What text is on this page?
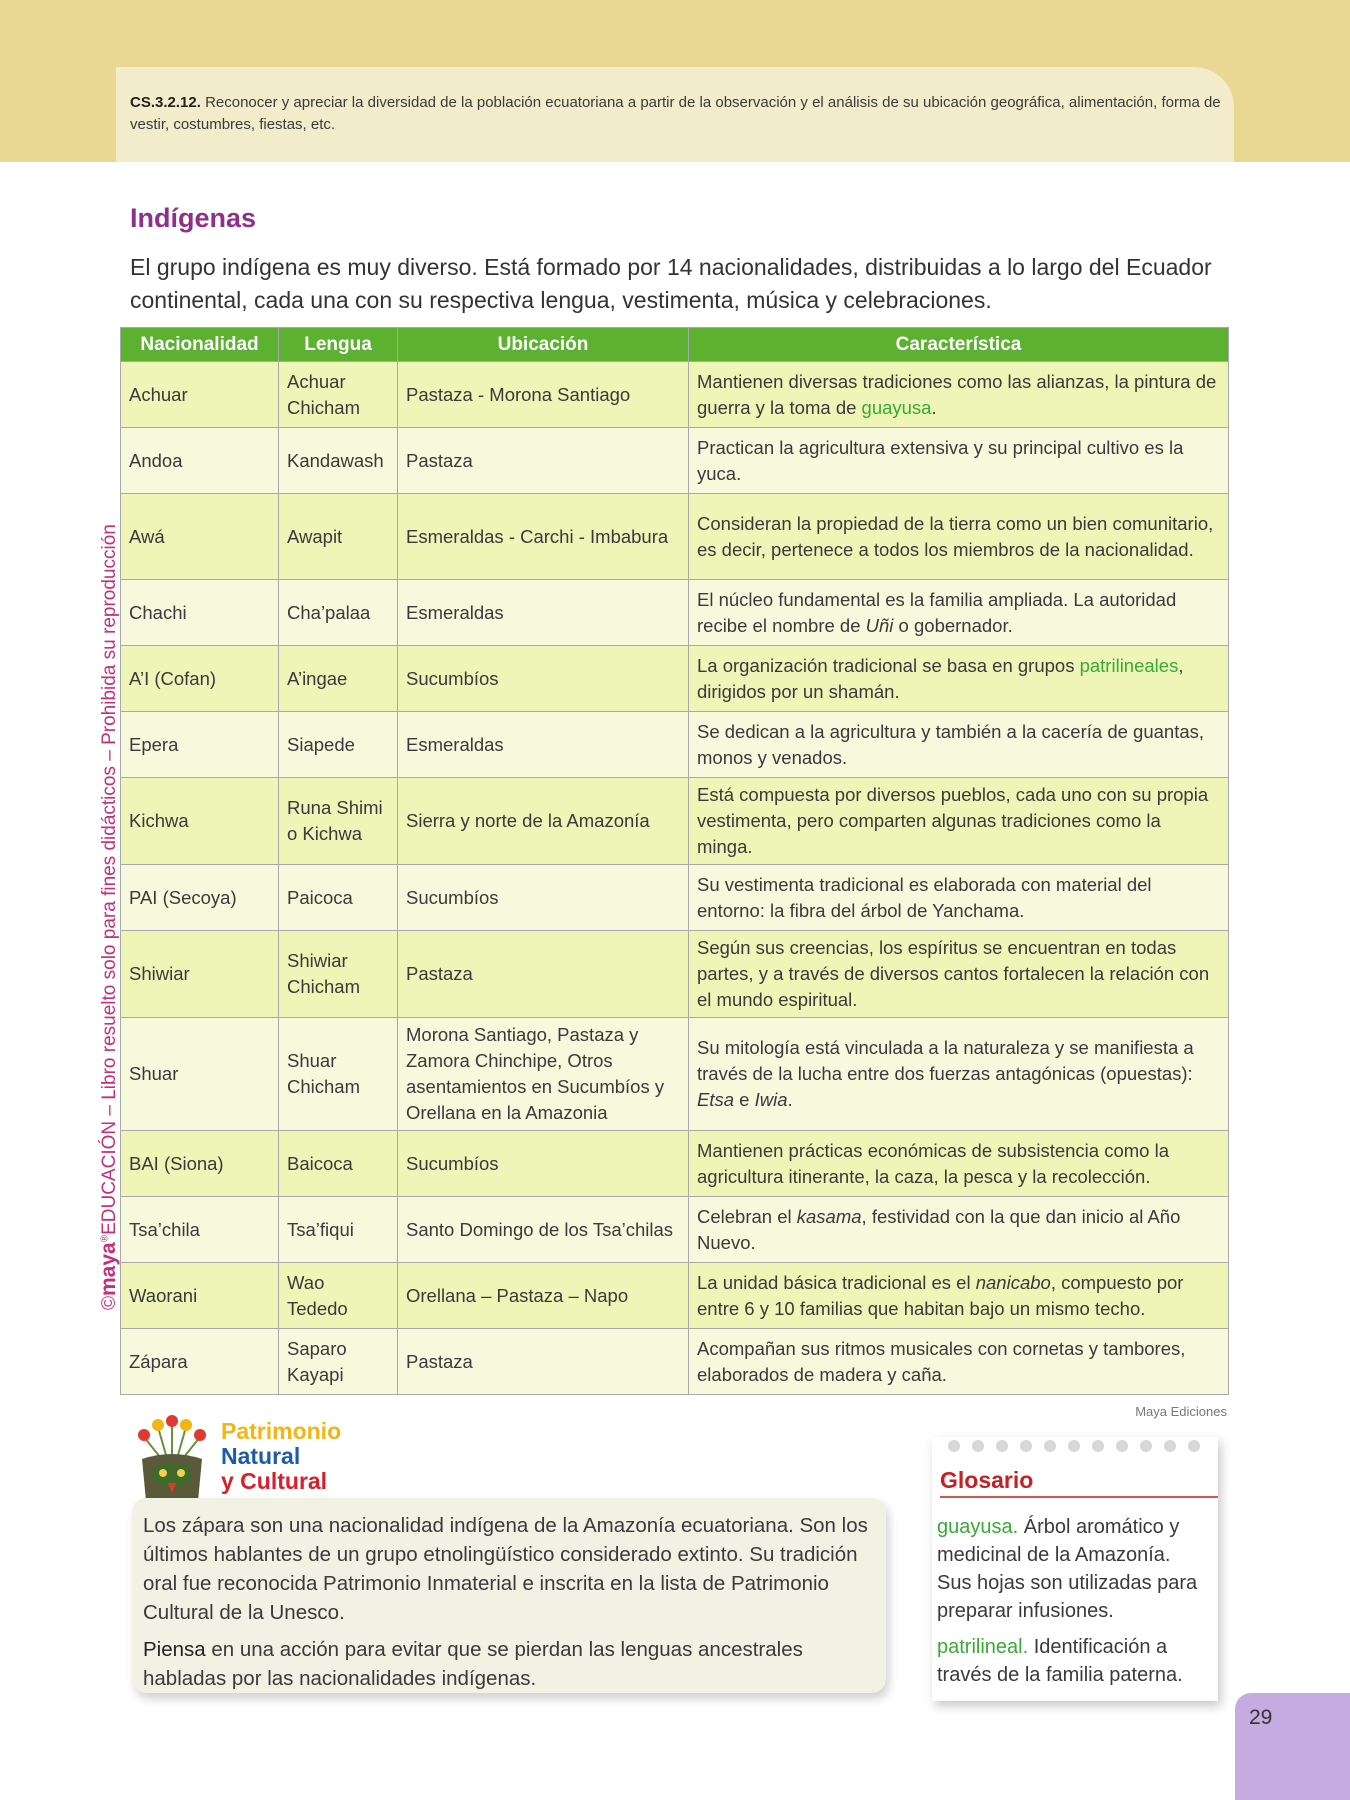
CS.3.2.12. Reconocer y apreciar la diversidad de la población ecuatoriana a partir de la observación y el análisis de su ubicación geográfica, alimentación, forma de vestir, costumbres, fiestas, etc.
©maya®EDUCACIÓN – Libro resuelto solo para fines didácticos – Prohibida su reproducción
Indígenas
El grupo indígena es muy diverso. Está formado por 14 nacionalidades, distribuidas a lo largo del Ecuador continental, cada una con su respectiva lengua, vestimenta, música y celebraciones.
Nacionalidad	Lengua	Ubicación	Característica
Achuar	Achuar Chicham	Pastaza - Morona Santiago	Mantienen diversas tradiciones como las alianzas, la pintura de guerra y la toma de guayusa.
Andoa	Kandawash	Pastaza	Practican la agricultura extensiva y su principal cultivo es la yuca.
Awá	Awapit	Esmeraldas - Carchi - Imbabura	Consideran la propiedad de la tierra como un bien comunitario, es decir, pertenece a todos los miembros de la nacionalidad.
Chachi	Cha’palaa	Esmeraldas	El núcleo fundamental es la familia ampliada. La autoridad recibe el nombre de Uñi o gobernador.
A’I (Cofan)	A’ingae	Sucumbíos	La organización tradicional se basa en grupos patrilineales, dirigidos por un shamán.
Epera	Siapede	Esmeraldas	Se dedican a la agricultura y también a la cacería de guantas, monos y venados.
Kichwa	Runa Shimi o Kichwa	Sierra y norte de la Amazonía	Está compuesta por diversos pueblos, cada uno con su propia vestimenta, pero comparten algunas tradiciones como la minga.
PAI (Secoya)	Paicoca	Sucumbíos	Su vestimenta tradicional es elaborada con material del entorno: la fibra del árbol de Yanchama.
Shiwiar	Shiwiar Chicham	Pastaza	Según sus creencias, los espíritus se encuentran en todas partes, y a través de diversos cantos fortalecen la relación con el mundo espiritual.
Shuar	Shuar Chicham	Morona Santiago, Pastaza y Zamora Chinchipe, Otros asentamientos en Sucumbíos y Orellana en la Amazonia	Su mitología está vinculada a la naturaleza y se manifiesta a través de la lucha entre dos fuerzas antagónicas (opuestas): Etsa e Iwia.
BAI (Siona)	Baicoca	Sucumbíos	Mantienen prácticas económicas de subsistencia como la agricultura itinerante, la caza, la pesca y la recolección.
Tsa’chila	Tsa’fiqui	Santo Domingo de los Tsa’chilas	Celebran el kasama, festividad con la que dan inicio al Año Nuevo.
Waorani	Wao Tededo	Orellana – Pastaza – Napo	La unidad básica tradicional es el nanicabo, compuesto por entre 6 y 10 familias que habitan bajo un mismo techo.
Zápara	Saparo Kayapi	Pastaza	Acompañan sus ritmos musicales con cornetas y tambores, elaborados de madera y caña.
Maya Ediciones
Patrimonio
Natural
y Cultural

Los zápara son una nacionalidad indígena de la Amazonía ecuatoriana. Son los últimos hablantes de un grupo etnolingüístico considerado extinto. Su tradición oral fue reconocida Patrimonio Inmaterial e inscrita en la lista de Patrimonio Cultural de la Unesco.

Piensa en una acción para evitar que se pierdan las lenguas ancestrales habladas por las nacionalidades indígenas.

Glosario

guayusa. Árbol aromático y medicinal de la Amazonía. Sus hojas son utilizadas para preparar infusiones.

patrilineal. Identificación a través de la familia paterna.

29
